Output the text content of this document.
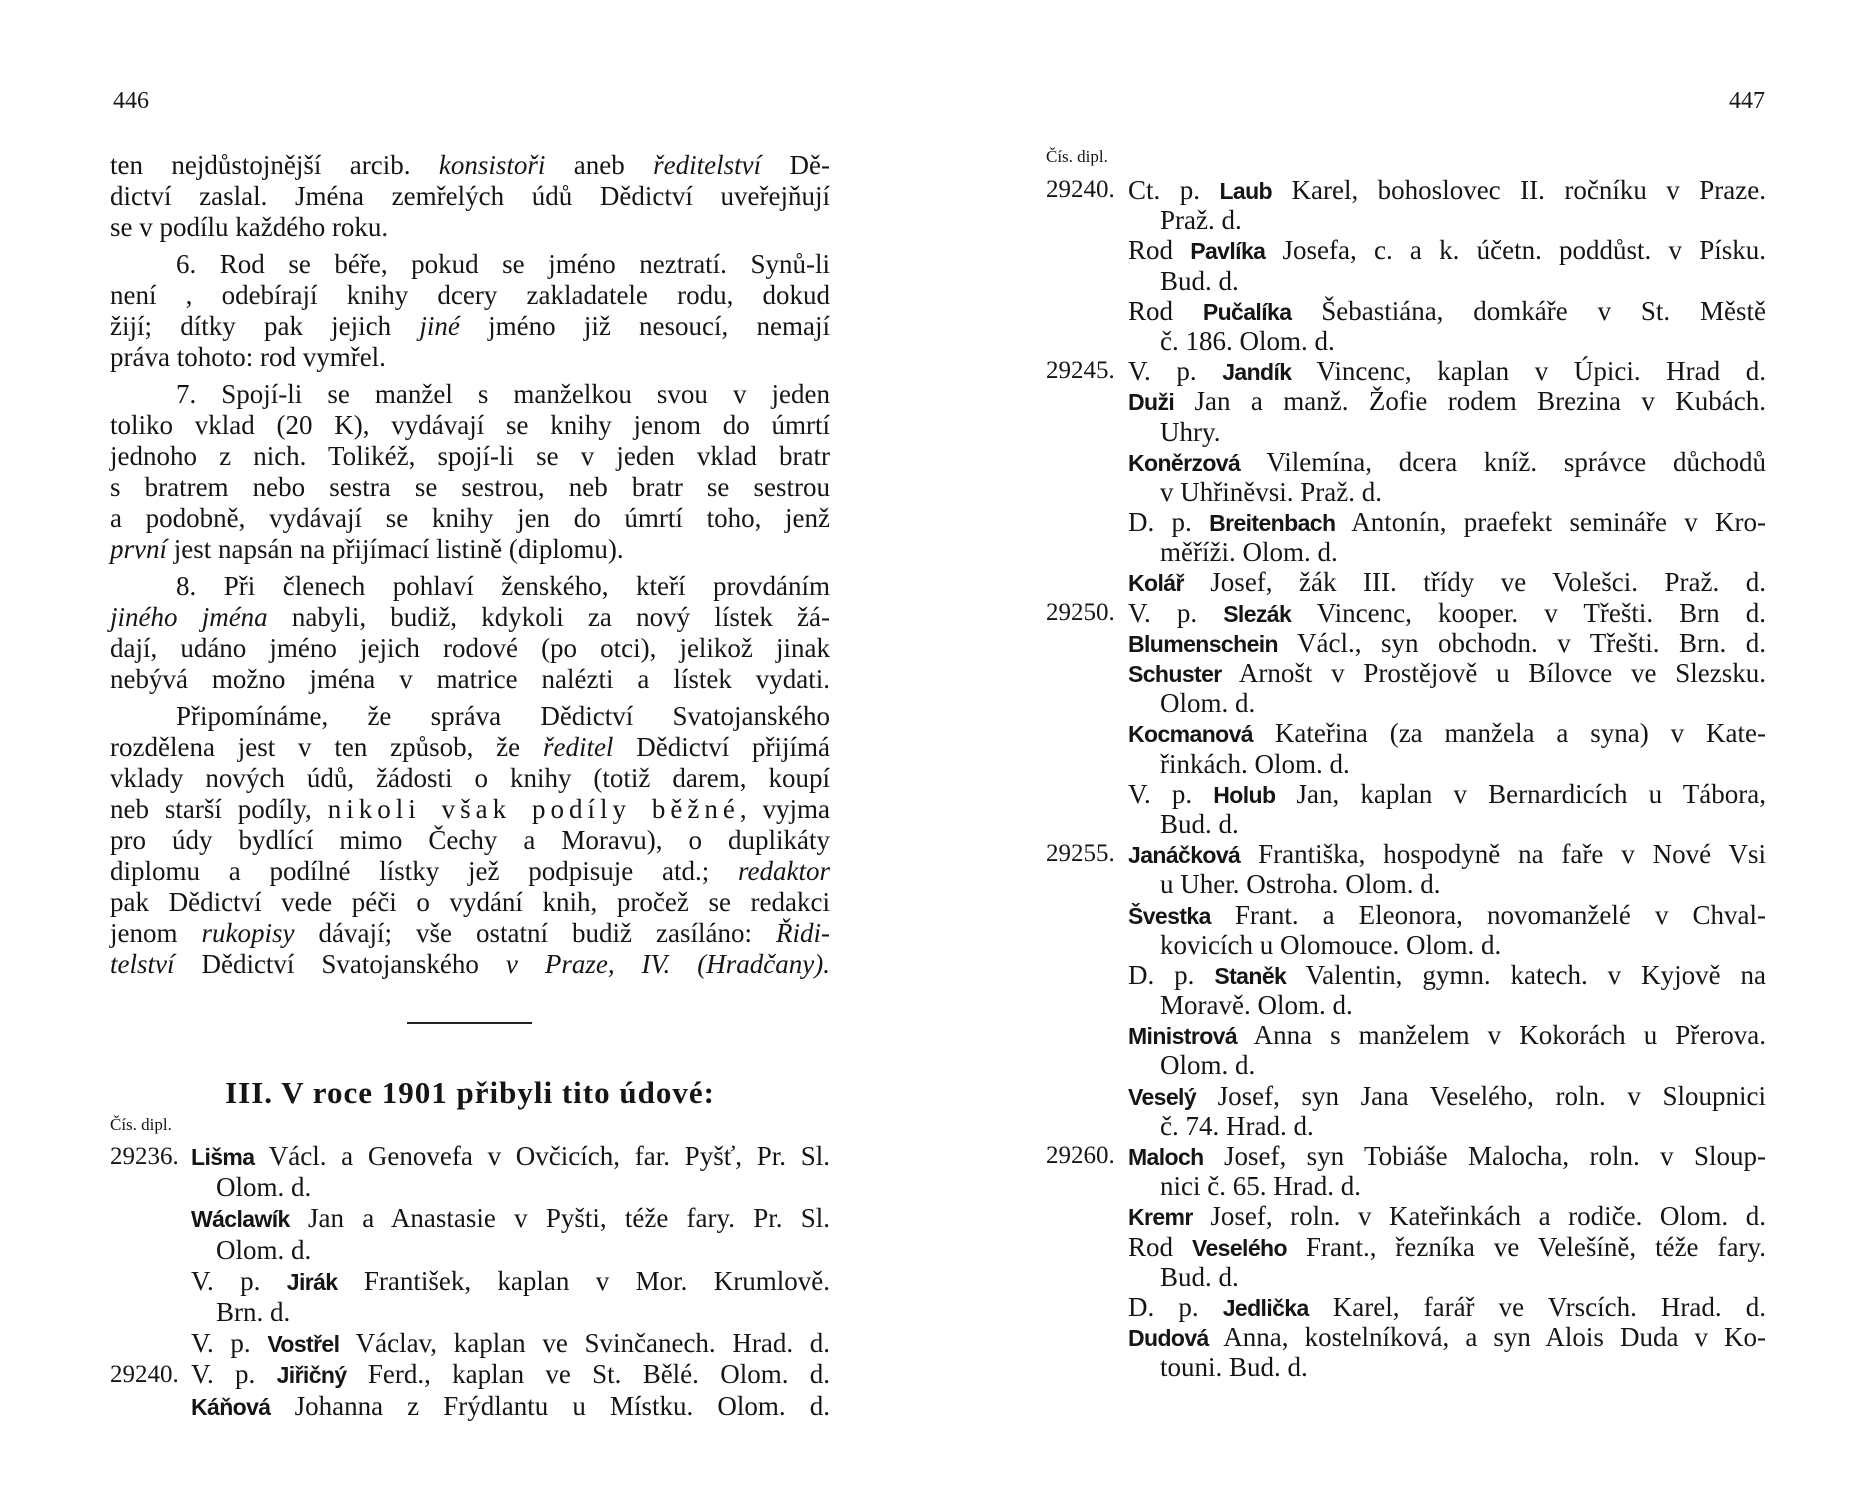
446	447
ten nejdůstojnější arcib. konsistoři aneb ředitelství Dě-
dictví zaslal. Jména zemřelých údů Dědictví uveřejňují
se v podílu každého roku.
6. Rod se béře, pokud se jméno neztratí. Synů-li
není , odebírají knihy dcery zakladatele rodu, dokud
žijí; dítky pak jejich jiné jméno již nesoucí, nemají
práva tohoto: rod vymřel.
7. Spojí-li se manžel s manželkou svou v jeden
toliko vklad (20 K), vydávají se knihy jenom do úmrtí
jednoho z nich. Tolikéž, spojí-li se v jeden vklad bratr
s bratrem nebo sestra se sestrou, neb bratr se sestrou
a podobně, vydávají se knihy jen do úmrtí toho, jenž
první jest napsán na přijímací listině (diplomu).
8. Při členech pohlaví ženského, kteří provdáním
jiného jména nabyli, budiž, kdykoli za nový lístek žá-
dají, udáno jméno jejich rodové (po otci), jelikož jinak
nebývá možno jména v matrice nalézti a lístek vydati.
Připomínáme, že správa Dědictví Svatojanského
rozdělena jest v ten způsob, že ředitel Dědictví přijímá
vklady nových údů, žádosti o knihy (totiž darem, koupí
neb starší podíly, nikoli však podíly běžné, vyjma
pro údy bydlící mimo Čechy a Moravu), o duplikáty
diplomu a podílné lístky jež podpisuje atd.; redaktor
pak Dědictví vede péči o vydání knih, pročež se redakci
jenom rukopisy dávají; vše ostatní budiž zasíláno: Řidi-
telství Dědictví Svatojanského v Praze, IV. (Hradčany).
III. V roce 1901 přibyli tito údové:
Čís. dipl.
29236. Lišma Václ. a Genovefa v Ovčicích, far. Pyšť, Pr. Sl.
Olom. d.
Wáclawík Jan a Anastasie v Pyšti, téže fary. Pr. Sl.
Olom. d.
V. p. Jirák František, kaplan v Mor. Krumlově.
Brn. d.
V. p. Vostřel Václav, kaplan ve Svinčanech. Hrad. d.
29240. V. p. Jiřičný Ferd., kaplan ve St. Bělé. Olom. d.
Káňová Johanna z Frýdlantu u Místku. Olom. d.
Čís. dipl.
29240. Ct. p. Laub Karel, bohoslovec II. ročníku v Praze.
Praž. d.
Rod Pavlíka Josefa, c. a k. účetn. poddůst. v Písku.
Bud. d.
Rod Pučalíka Šebastiána, domkáře v St. Městě
č. 186. Olom. d.
29245. V. p. Jandík Vincenc, kaplan v Úpici. Hrad d.
Duži Jan a manž. Žofie rodem Brezina v Kubách.
Uhry.
Koněrzová Vilemína, dcera kníž. správce důchodů
v Uhřiněvsi. Praž. d.
D. p. Breitenbach Antonín, praefekt semináře v Kro-
měříži. Olom. d.
Kolář Josef, žák III. třídy ve Volešci. Praž. d.
29250. V. p. Slezák Vincenc, kooper. v Třešti. Brn d.
Blumenschein Václ., syn obchodn. v Třešti. Brn. d.
Schuster Arnošt v Prostějově u Bílovce ve Slezsku.
Olom. d.
Kocmanová Kateřina (za manžela a syna) v Kate-
řinkách. Olom. d.
V. p. Holub Jan, kaplan v Bernardicích u Tábora,
Bud. d.
29255. Janáčková Františka, hospodyně na faře v Nové Vsi
u Uher. Ostroha. Olom. d.
Švestka Frant. a Eleonora, novomanželé v Chval-
kovicích u Olomouce. Olom. d.
D. p. Staněk Valentin, gymn. katech. v Kyjově na
Moravě. Olom. d.
Ministrová Anna s manželem v Kokorách u Přerova.
Olom. d.
Veselý Josef, syn Jana Veselého, roln. v Sloupnici
č. 74. Hrad. d.
29260. Maloch Josef, syn Tobiáše Malocha, roln. v Sloup-
nici č. 65. Hrad. d.
Kremr Josef, roln. v Kateřinkách a rodiče. Olom. d.
Rod Veselého Frant., řezníka ve Velešíně, téže fary.
Bud. d.
D. p. Jedlička Karel, farář ve Vrscích. Hrad. d.
Dudová Anna, kostelníková, a syn Alois Duda v Ko-
touni. Bud. d.
